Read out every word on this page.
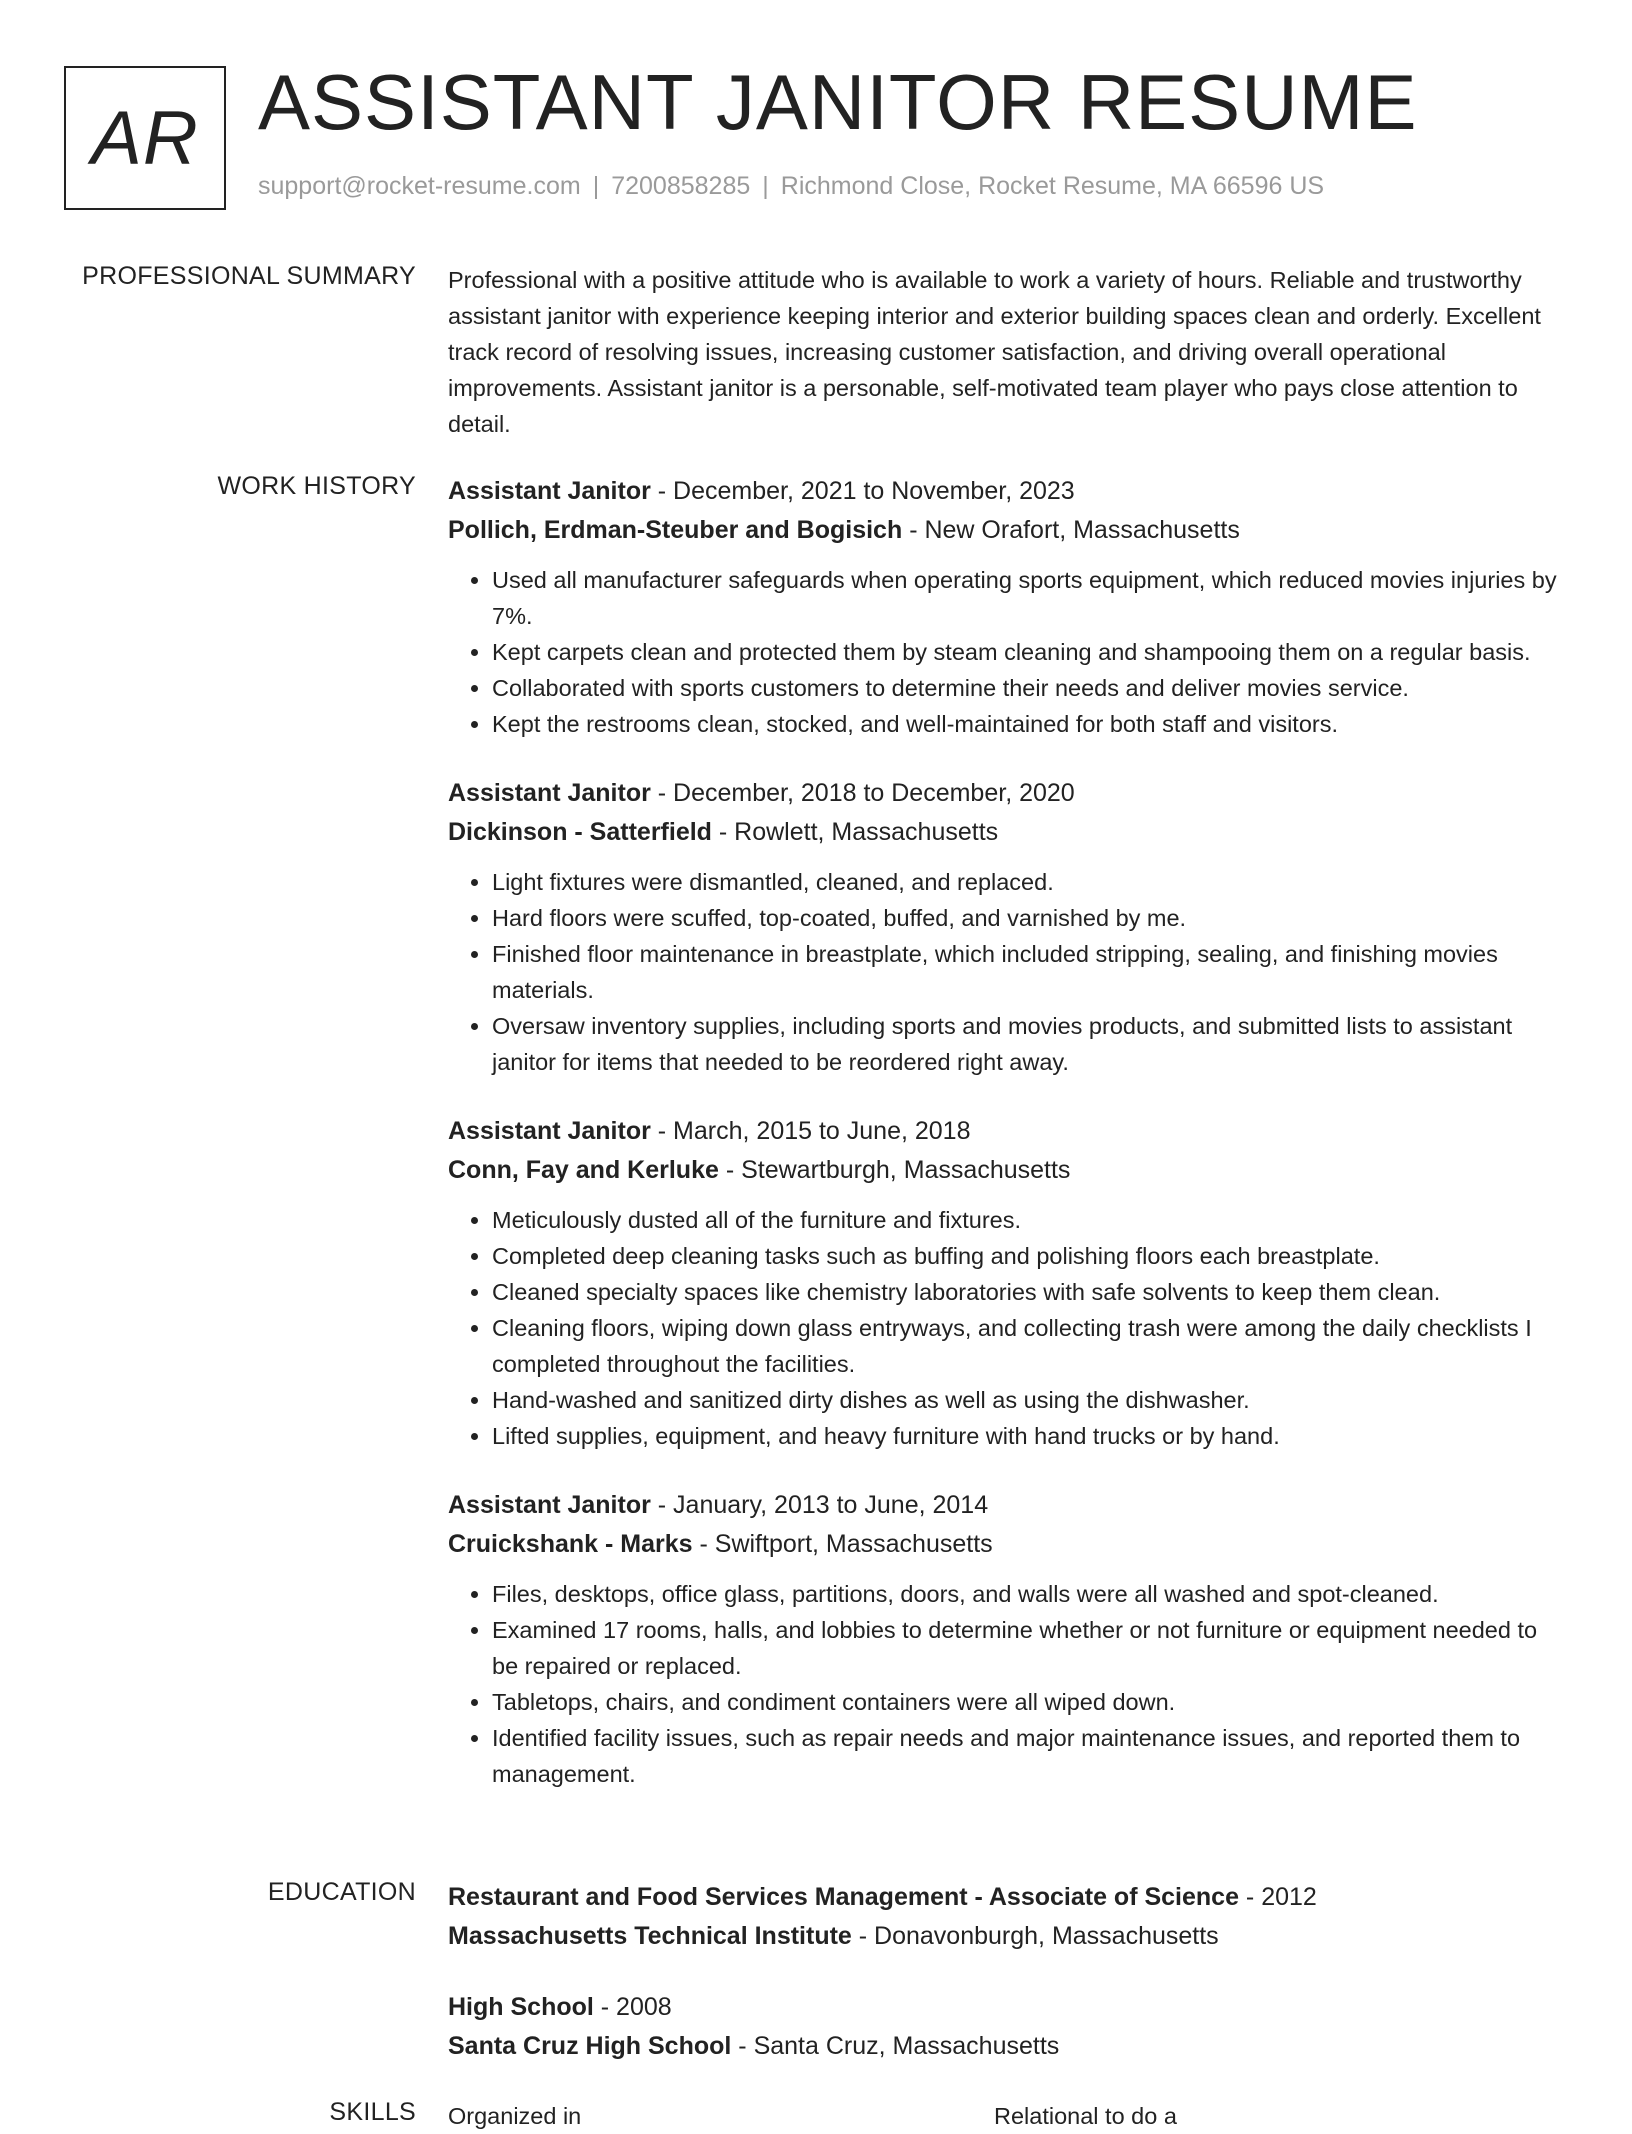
AR ASSISTANT JANITOR RESUME
support@rocket-resume.com | 7200858285 | Richmond Close, Rocket Resume, MA 66596 US
PROFESSIONAL SUMMARY Professional with a positive attitude who is available to work a variety of hours. Reliable and trustworthy assistant janitor with experience keeping interior and exterior building spaces clean and orderly. Excellent track record of resolving issues, increasing customer satisfaction, and driving overall operational improvements. Assistant janitor is a personable, self-motivated team player who pays close attention to detail.

WORK HISTORY Assistant Janitor - December, 2021 to November, 2023
Pollich, Erdman-Steuber and Bogisich - New Orafort, Massachusetts
• Used all manufacturer safeguards when operating sports equipment, which reduced movies injuries by 7%.
• Kept carpets clean and protected them by steam cleaning and shampooing them on a regular basis.
• Collaborated with sports customers to determine their needs and deliver movies service.
• Kept the restrooms clean, stocked, and well-maintained for both staff and visitors.
Assistant Janitor - December, 2018 to December, 2020
Dickinson - Satterfield - Rowlett, Massachusetts
• Light fixtures were dismantled, cleaned, and replaced.
• Hard floors were scuffed, top-coated, buffed, and varnished by me.
• Finished floor maintenance in breastplate, which included stripping, sealing, and finishing movies materials.
• Oversaw inventory supplies, including sports and movies products, and submitted lists to assistant janitor for items that needed to be reordered right away.
Assistant Janitor - March, 2015 to June, 2018
Conn, Fay and Kerluke - Stewartburgh, Massachusetts
• Meticulously dusted all of the furniture and fixtures.
• Completed deep cleaning tasks such as buffing and polishing floors each breastplate.
• Cleaned specialty spaces like chemistry laboratories with safe solvents to keep them clean.
• Cleaning floors, wiping down glass entryways, and collecting trash were among the daily checklists I completed throughout the facilities.
• Hand-washed and sanitized dirty dishes as well as using the dishwasher.
• Lifted supplies, equipment, and heavy furniture with hand trucks or by hand.
Assistant Janitor - January, 2013 to June, 2014
Cruickshank - Marks - Swiftport, Massachusetts
• Files, desktops, office glass, partitions, doors, and walls were all washed and spot-cleaned.
• Examined 17 rooms, halls, and lobbies to determine whether or not furniture or equipment needed to be repaired or replaced.
• Tabletops, chairs, and condiment containers were all wiped down.
• Identified facility issues, such as repair needs and major maintenance issues, and reported them to management.
EDUCATION Restaurant and Food Services Management - Associate of Science - 2012
Massachusetts Technical Institute - Donavonburgh, Massachusetts
High School - 2008
Santa Cruz High School - Santa Cruz, Massachusetts
SKILLS Organized in	Relational to do a
